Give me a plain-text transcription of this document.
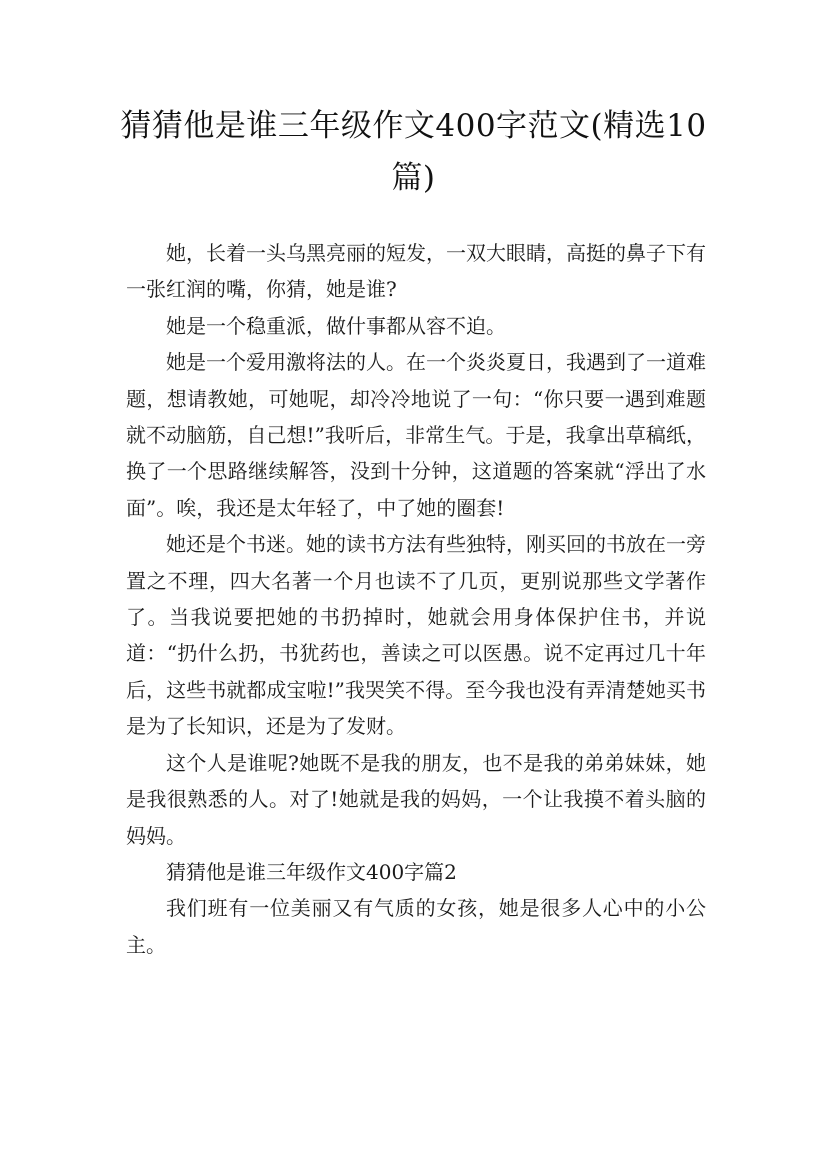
猜猜他是谁三年级作文400字范文(精选10篇)

她，长着一头乌黑亮丽的短发，一双大眼睛，高挺的鼻子下有一张红润的嘴，你猜，她是谁?

她是一个稳重派，做什事都从容不迫。

她是一个爱用激将法的人。在一个炎炎夏日，我遇到了一道难题，想请教她，可她呢，却冷冷地说了一句：“你只要一遇到难题就不动脑筋，自己想!”我听后，非常生气。于是，我拿出草稿纸，换了一个思路继续解答，没到十分钟，这道题的答案就“浮出了水面”。唉，我还是太年轻了，中了她的圈套!

她还是个书迷。她的读书方法有些独特，刚买回的书放在一旁置之不理，四大名著一个月也读不了几页，更别说那些文学著作了。当我说要把她的书扔掉时，她就会用身体保护住书，并说道：“扔什么扔，书犹药也，善读之可以医愚。说不定再过几十年后，这些书就都成宝啦!”我哭笑不得。至今我也没有弄清楚她买书是为了长知识，还是为了发财。

这个人是谁呢?她既不是我的朋友，也不是我的弟弟妹妹，她是我很熟悉的人。对了!她就是我的妈妈，一个让我摸不着头脑的妈妈。

猜猜他是谁三年级作文400字篇2

我们班有一位美丽又有气质的女孩，她是很多人心中的小公主。
